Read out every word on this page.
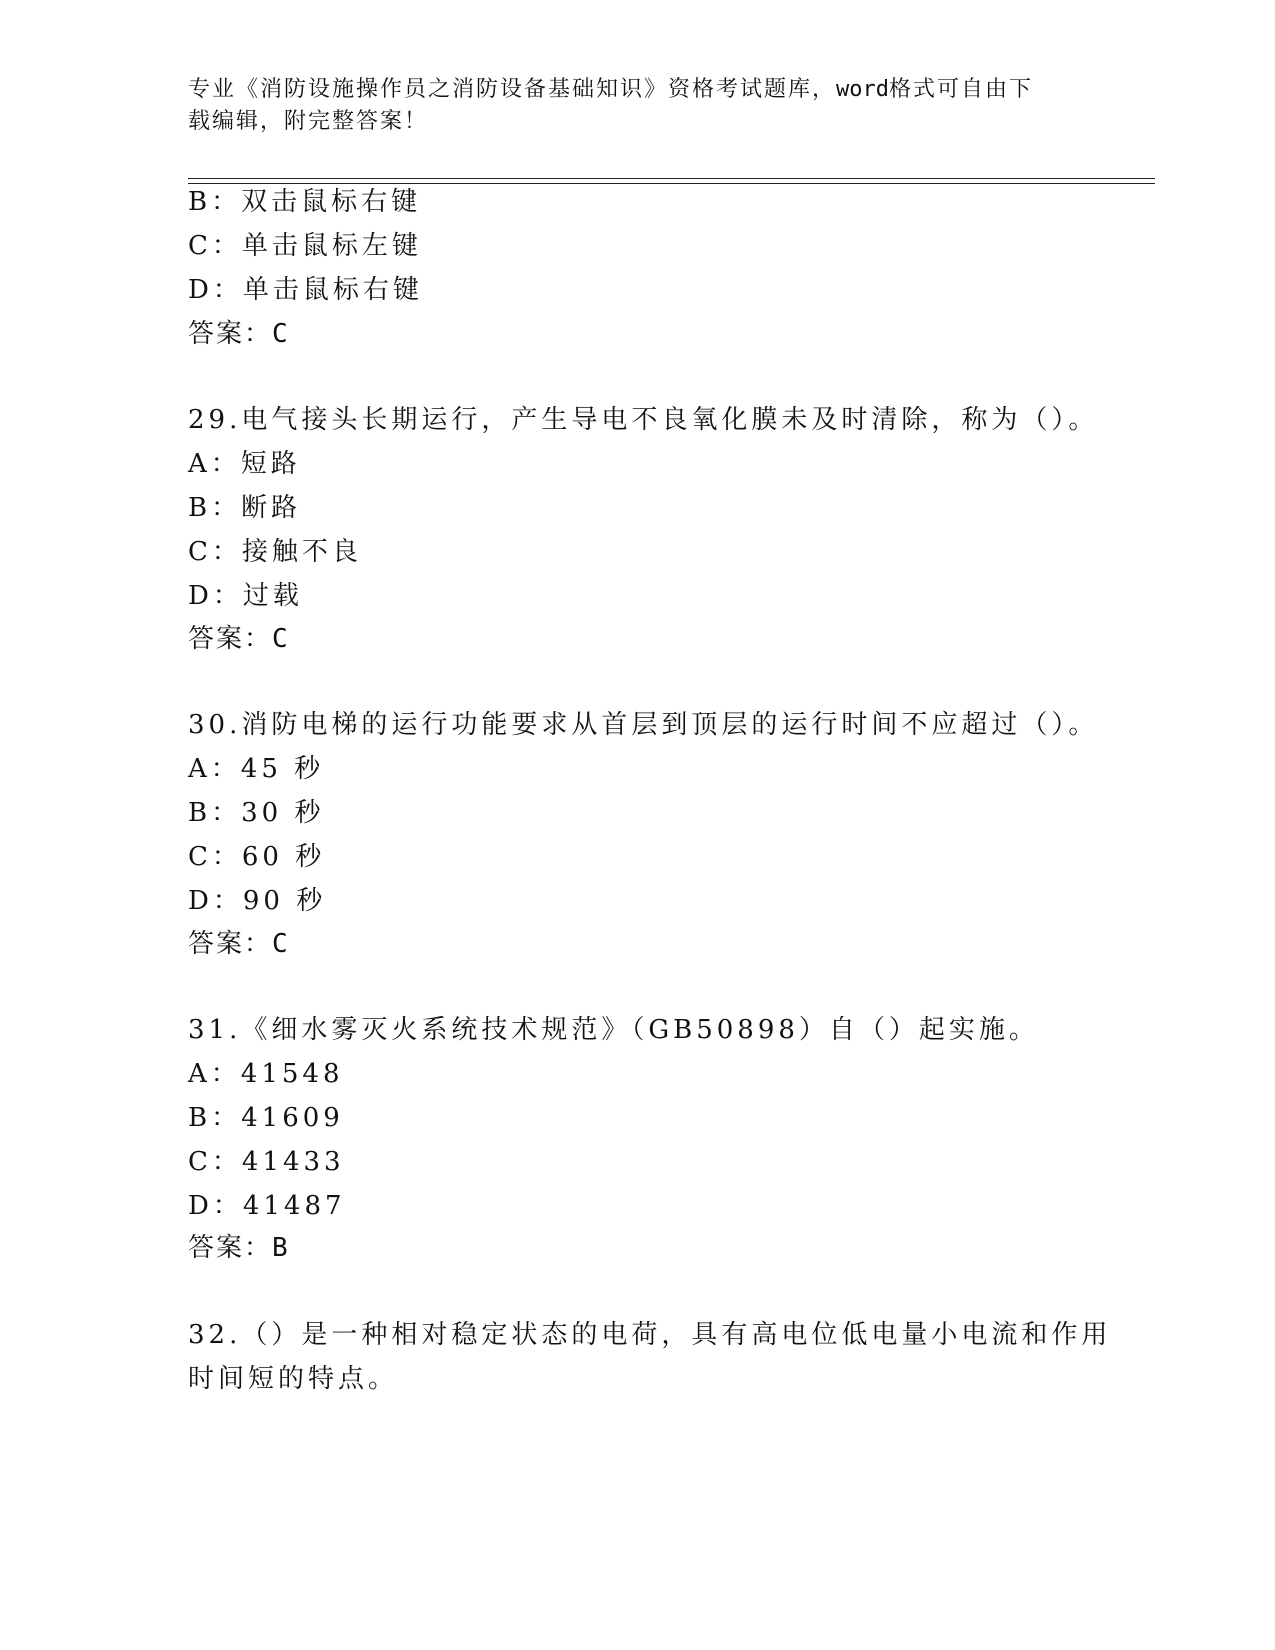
专业《消防设施操作员之消防设备基础知识》资格考试题库，word格式可自由下
载编辑，附完整答案！
B：双击鼠标右键
C：单击鼠标左键
D：单击鼠标右键
答案：C
29.电气接头长期运行，产生导电不良氧化膜未及时清除，称为（）。
A：短路
B：断路
C：接触不良
D：过载
答案：C
30.消防电梯的运行功能要求从首层到顶层的运行时间不应超过（）。
A：45 秒
B：30 秒
C：60 秒
D：90 秒
答案：C
31.《细水雾灭火系统技术规范》（GB50898）自（）起实施。
A：41548
B：41609
C：41433
D：41487
答案：B
32.（）是一种相对稳定状态的电荷，具有高电位低电量小电流和作用
时间短的特点。
